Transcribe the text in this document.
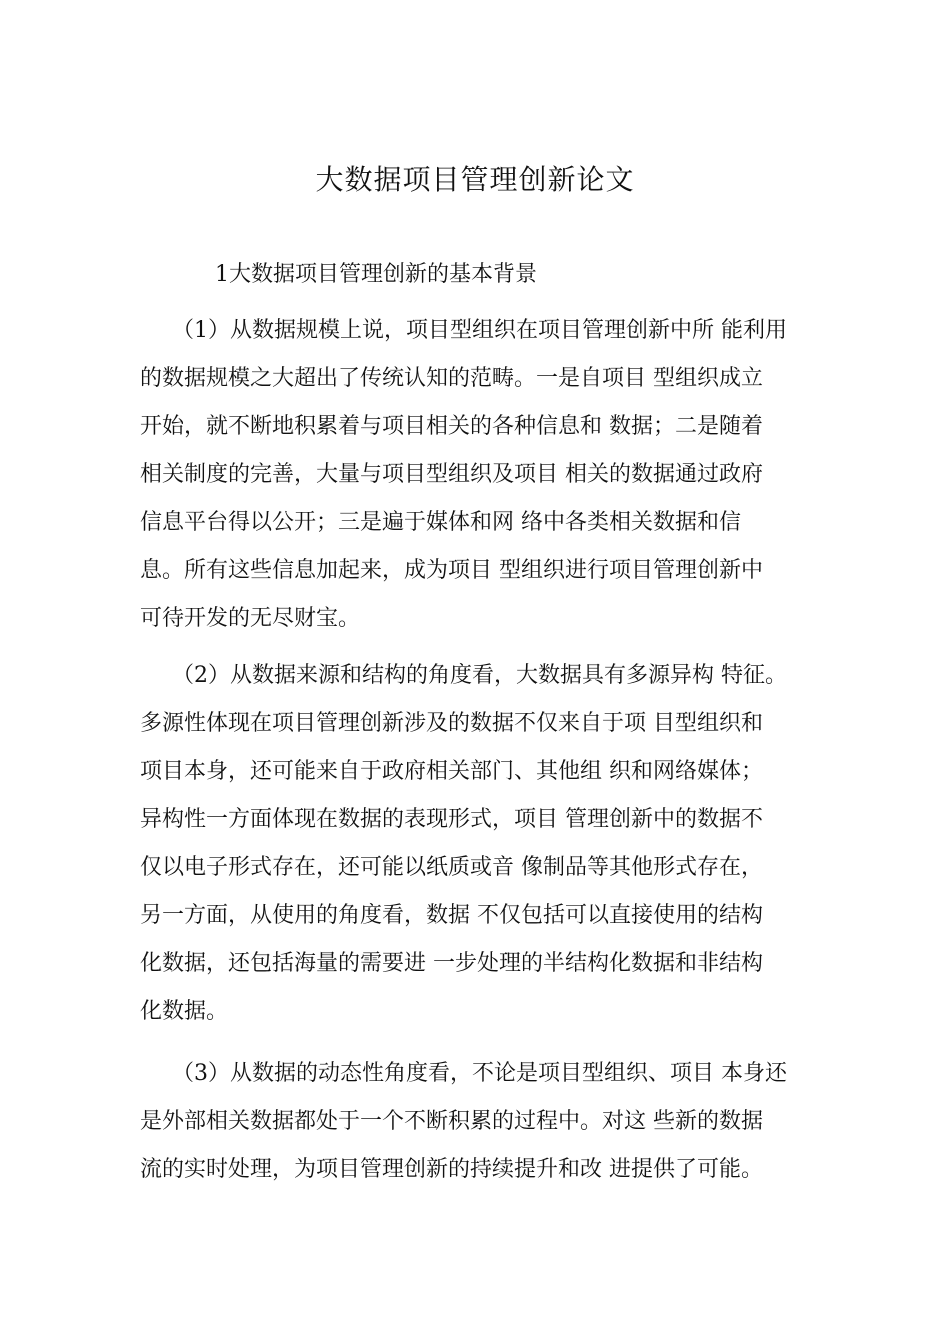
大数据项目管理创新论文
1大数据项目管理创新的基本背景
（1）从数据规模上说，项目型组织在项目管理创新中所 能利用
的数据规模之大超出了传统认知的范畴。一是自项目 型组织成立
开始，就不断地积累着与项目相关的各种信息和 数据；二是随着
相关制度的完善，大量与项目型组织及项目 相关的数据通过政府
信息平台得以公开；三是遍于媒体和网 络中各类相关数据和信
息。所有这些信息加起来，成为项目 型组织进行项目管理创新中
可待开发的无尽财宝。
（2）从数据来源和结构的角度看，大数据具有多源异构 特征。
多源性体现在项目管理创新涉及的数据不仅来自于项 目型组织和
项目本身，还可能来自于政府相关部门、其他组 织和网络媒体；
异构性一方面体现在数据的表现形式，项目 管理创新中的数据不
仅以电子形式存在，还可能以纸质或音 像制品等其他形式存在，
另一方面，从使用的角度看，数据 不仅包括可以直接使用的结构
化数据，还包括海量的需要进 一步处理的半结构化数据和非结构
化数据。
（3）从数据的动态性角度看，不论是项目型组织、项目 本身还
是外部相关数据都处于一个不断积累的过程中。对这 些新的数据
流的实时处理，为项目管理创新的持续提升和改 进提供了可能。
